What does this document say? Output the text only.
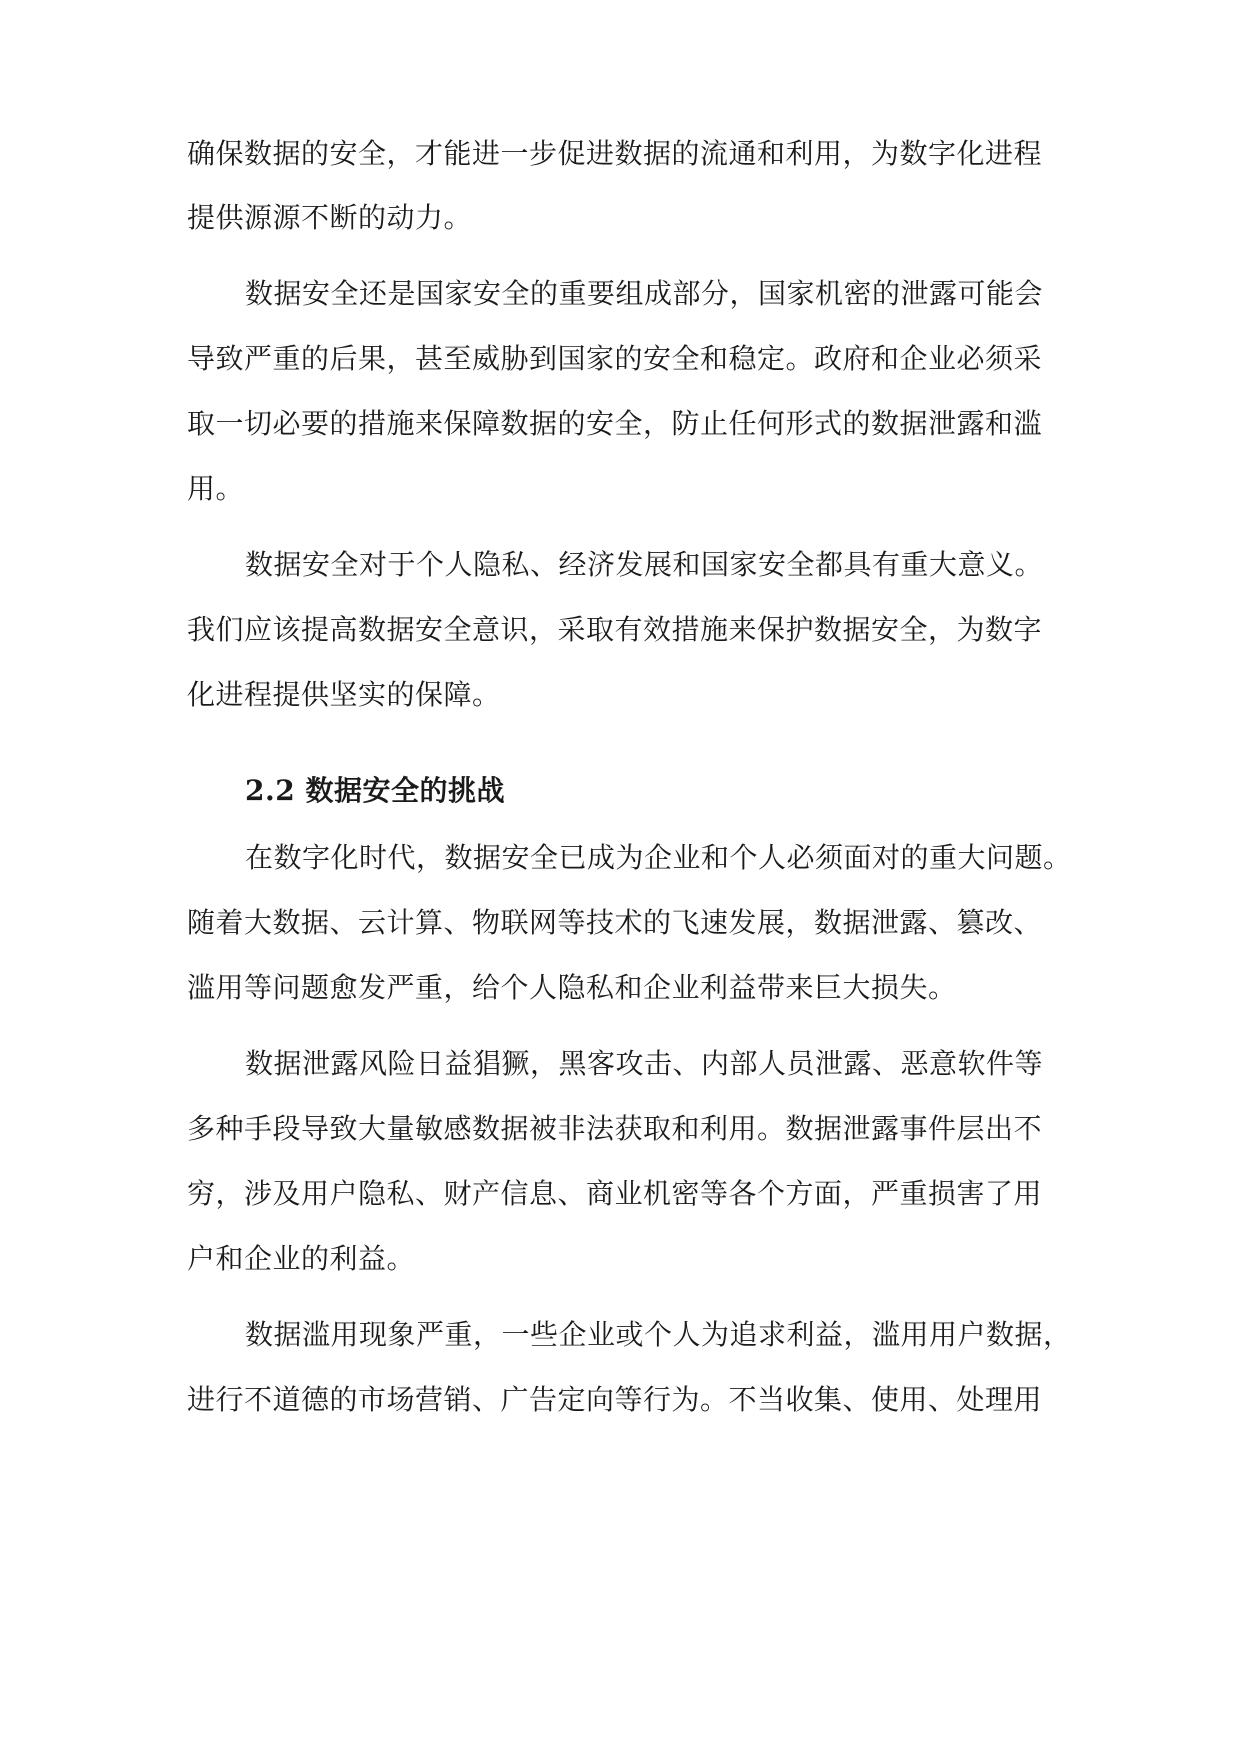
确保数据的安全，才能进一步促进数据的流通和利用，为数字化进程
提供源源不断的动力。
数据安全还是国家安全的重要组成部分，国家机密的泄露可能会
导致严重的后果，甚至威胁到国家的安全和稳定。政府和企业必须采
取一切必要的措施来保障数据的安全，防止任何形式的数据泄露和滥
用。
数据安全对于个人隐私、经济发展和国家安全都具有重大意义。
我们应该提高数据安全意识，采取有效措施来保护数据安全，为数字
化进程提供坚实的保障。
2.2 数据安全的挑战
在数字化时代，数据安全已成为企业和个人必须面对的重大问题。
随着大数据、云计算、物联网等技术的飞速发展，数据泄露、篡改、
滥用等问题愈发严重，给个人隐私和企业利益带来巨大损失。
数据泄露风险日益猖獗，黑客攻击、内部人员泄露、恶意软件等
多种手段导致大量敏感数据被非法获取和利用。数据泄露事件层出不
穷，涉及用户隐私、财产信息、商业机密等各个方面，严重损害了用
户和企业的利益。
数据滥用现象严重，一些企业或个人为追求利益，滥用用户数据，
进行不道德的市场营销、广告定向等行为。不当收集、使用、处理用
